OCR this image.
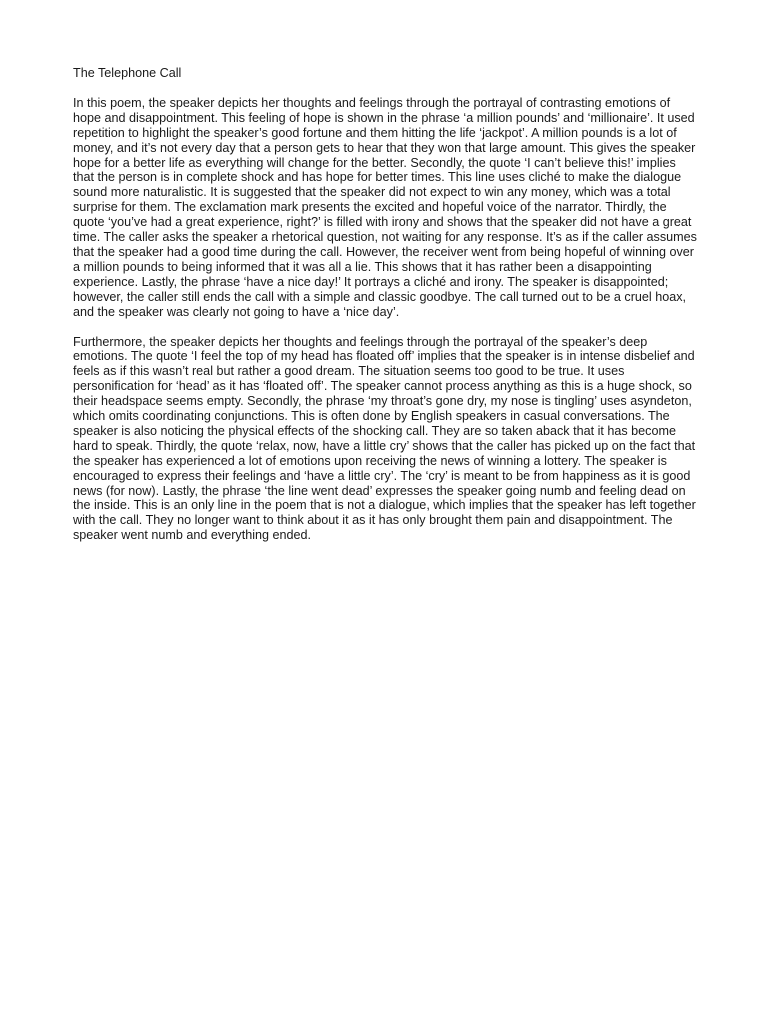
The Telephone Call

In this poem, the speaker depicts her thoughts and feelings through the portrayal of contrasting emotions of hope and disappointment. This feeling of hope is shown in the phrase ‘a million pounds’ and ‘millionaire’. It used repetition to highlight the speaker’s good fortune and them hitting the life ‘jackpot’. A million pounds is a lot of money, and it’s not every day that a person gets to hear that they won that large amount. This gives the speaker hope for a better life as everything will change for the better. Secondly, the quote ‘I can’t believe this!’ implies that the person is in complete shock and has hope for better times. This line uses cliché to make the dialogue sound more naturalistic. It is suggested that the speaker did not expect to win any money, which was a total surprise for them. The exclamation mark presents the excited and hopeful voice of the narrator. Thirdly, the quote ‘you’ve had a great experience, right?’ is filled with irony and shows that the speaker did not have a great time. The caller asks the speaker a rhetorical question, not waiting for any response. It’s as if the caller assumes that the speaker had a good time during the call. However, the receiver went from being hopeful of winning over a million pounds to being informed that it was all a lie. This shows that it has rather been a disappointing experience. Lastly, the phrase ‘have a nice day!’ It portrays a cliché and irony. The speaker is disappointed; however, the caller still ends the call with a simple and classic goodbye. The call turned out to be a cruel hoax, and the speaker was clearly not going to have a ‘nice day’.

Furthermore, the speaker depicts her thoughts and feelings through the portrayal of the speaker’s deep emotions. The quote ‘I feel the top of my head has floated off’ implies that the speaker is in intense disbelief and feels as if this wasn’t real but rather a good dream. The situation seems too good to be true. It uses personification for ‘head’ as it has ‘floated off’. The speaker cannot process anything as this is a huge shock, so their headspace seems empty. Secondly, the phrase ‘my throat’s gone dry, my nose is tingling’ uses asyndeton, which omits coordinating conjunctions. This is often done by English speakers in casual conversations. The speaker is also noticing the physical effects of the shocking call. They are so taken aback that it has become hard to speak. Thirdly, the quote ‘relax, now, have a little cry’ shows that the caller has picked up on the fact that the speaker has experienced a lot of emotions upon receiving the news of winning a lottery. The speaker is encouraged to express their feelings and ‘have a little cry’. The ‘cry’ is meant to be from happiness as it is good news (for now). Lastly, the phrase ‘the line went dead’ expresses the speaker going numb and feeling dead on the inside. This is an only line in the poem that is not a dialogue, which implies that the speaker has left together with the call. They no longer want to think about it as it has only brought them pain and disappointment. The speaker went numb and everything ended.
